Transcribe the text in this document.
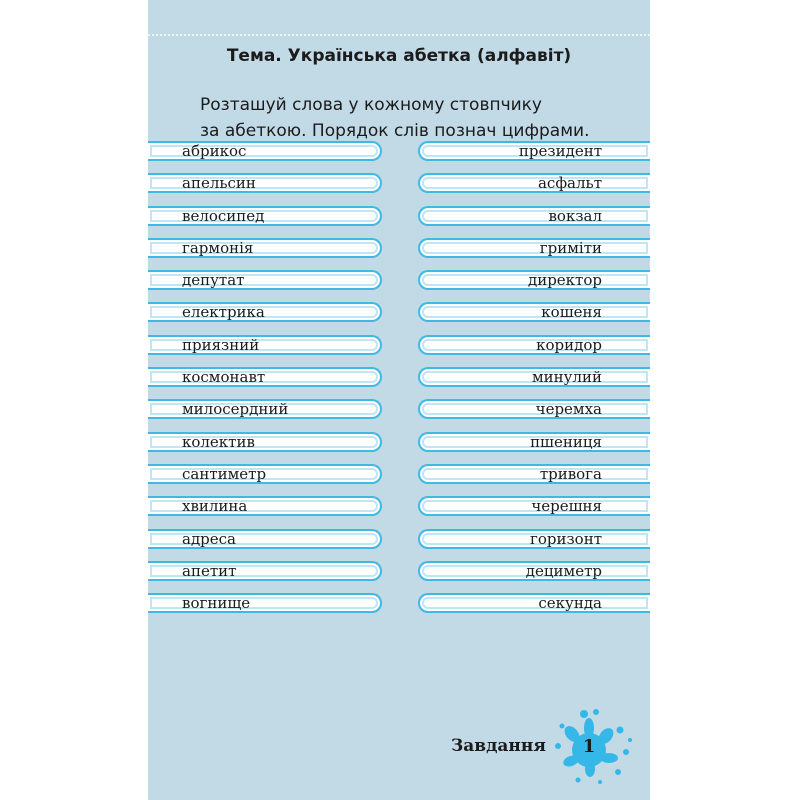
Тема. Українська абетка (алфавіт)
Розташуй слова у кожному стовпчику
за абеткою. Порядок слів познач цифрами.
абрикос
апельсин
велосипед
гармонія
депутат
електрика
приязний
космонавт
милосердний
колектив
сантиметр
хвилина
адреса
апетит
вогнище
президент
асфальт
вокзал
гриміти
директор
кошеня
коридор
минулий
черемха
пшениця
тривога
черешня
горизонт
дециметр
секунда
Завдання	1
